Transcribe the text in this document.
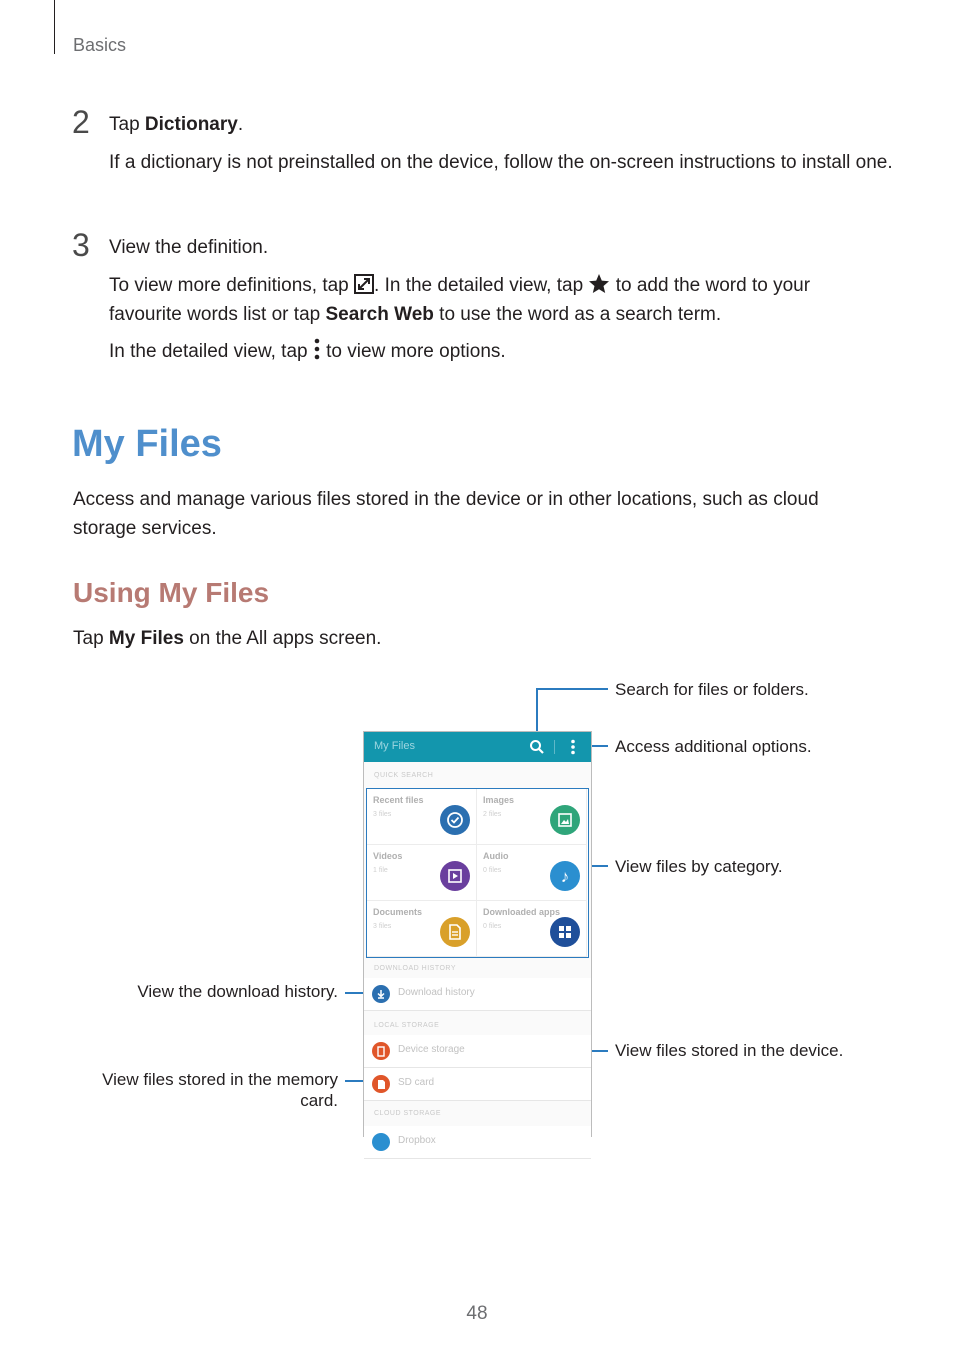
Basics
2 Tap Dictionary.
If a dictionary is not preinstalled on the device, follow the on-screen instructions to install one.
3 View the definition.
To view more definitions, tap . In the detailed view, tap  to add the word to your
favourite words list or tap Search Web to use the word as a search term.
In the detailed view, tap  to view more options.
My Files
Access and manage various files stored in the device or in other locations, such as cloud storage services.
Using My Files
Tap My Files on the All apps screen.
Search for files or folders.
Access additional options.
View files by category.
View files stored in the device.
View the download history.
View files stored in the memory
card.
My Files
QUICK SEARCH
Recent files
3 files
Images
2 files
Videos
1 file
Audio
0 files	♪
Documents
3 files
Downloaded apps
0 files
DOWNLOAD HISTORY
Download history
LOCAL STORAGE
Device storage
SD card
CLOUD STORAGE
Dropbox
48
